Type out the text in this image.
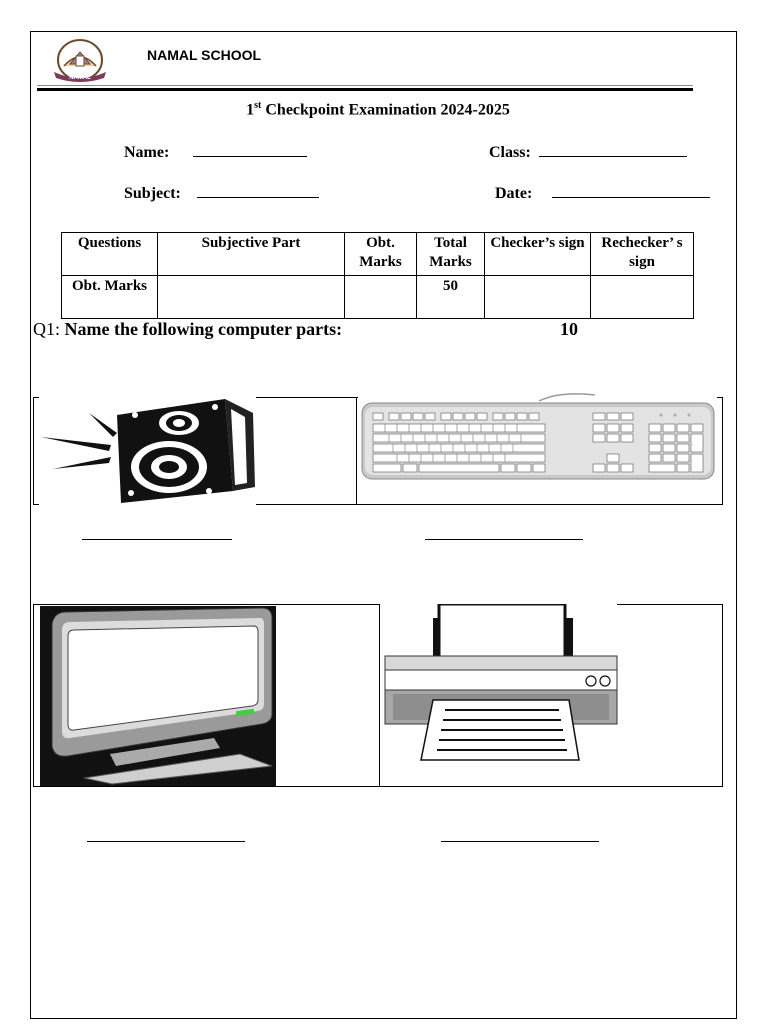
NAMAL
NAMAL SCHOOL
1st Checkpoint Examination 2024-2025
Name:	Class:
Subject:	Date:
Questions	Subjective Part	Obt. Marks	Total Marks	Checker’s sign	Rechecker’ s sign
Obt. Marks			50		
Q1: Name the following computer parts:	10
